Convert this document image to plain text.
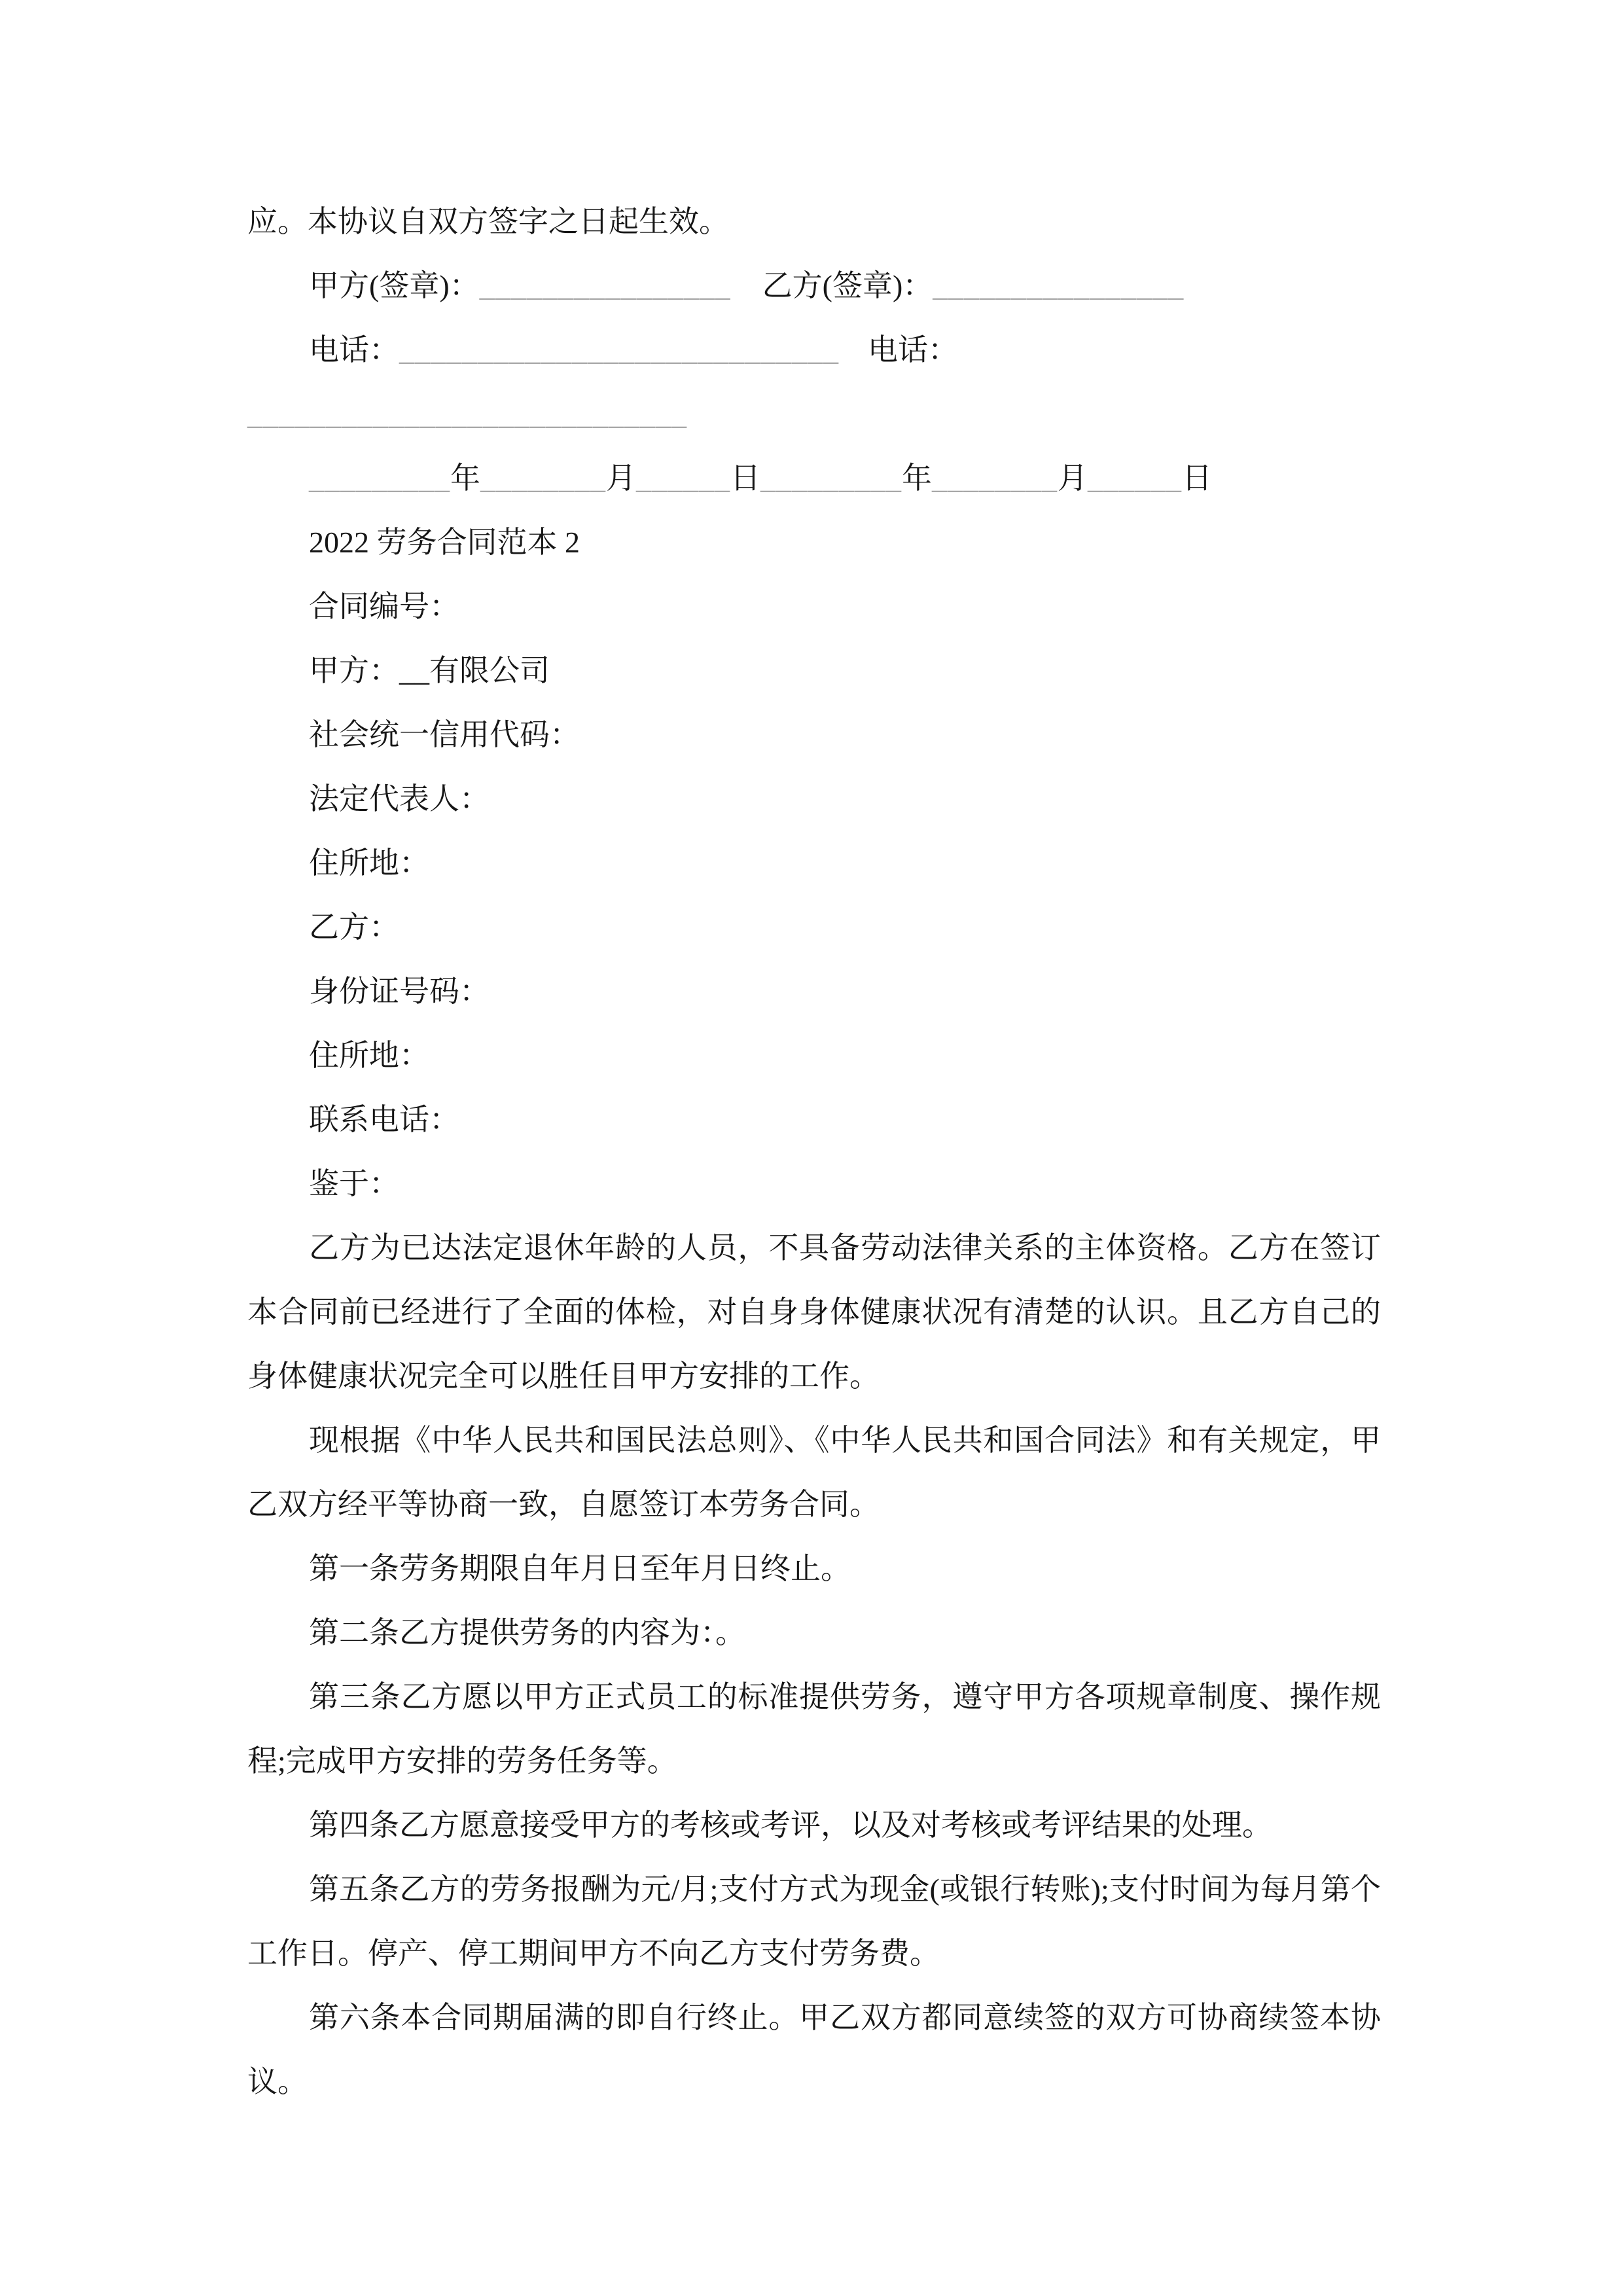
应。本协议自双方签字之日起生效。

甲方(签章)：________________ 乙方(签章)：________________

电话：____________________________ 电话：____________________________

_________年________月______日_________年________月______日

2022 劳务合同范本 2

合同编号：

甲方：__有限公司

社会统一信用代码：

法定代表人：

住所地：

乙方：

身份证号码：

住所地：

联系电话：

鉴于：

乙方为已达法定退休年龄的人员，不具备劳动法律关系的主体资格。乙方在签订本合同前已经进行了全面的体检，对自身身体健康状况有清楚的认识。且乙方自己的身体健康状况完全可以胜任目甲方安排的工作。

现根据《中华人民共和国民法总则》、《中华人民共和国合同法》和有关规定，甲乙双方经平等协商一致，自愿签订本劳务合同。

第一条劳务期限自年月日至年月日终止。

第二条乙方提供劳务的内容为：。

第三条乙方愿以甲方正式员工的标准提供劳务，遵守甲方各项规章制度、操作规程;完成甲方安排的劳务任务等。

第四条乙方愿意接受甲方的考核或考评，以及对考核或考评结果的处理。

第五条乙方的劳务报酬为元/月;支付方式为现金(或银行转账);支付时间为每月第个工作日。停产、停工期间甲方不向乙方支付劳务费。

第六条本合同期届满的即自行终止。甲乙双方都同意续签的双方可协商续签本协议。
